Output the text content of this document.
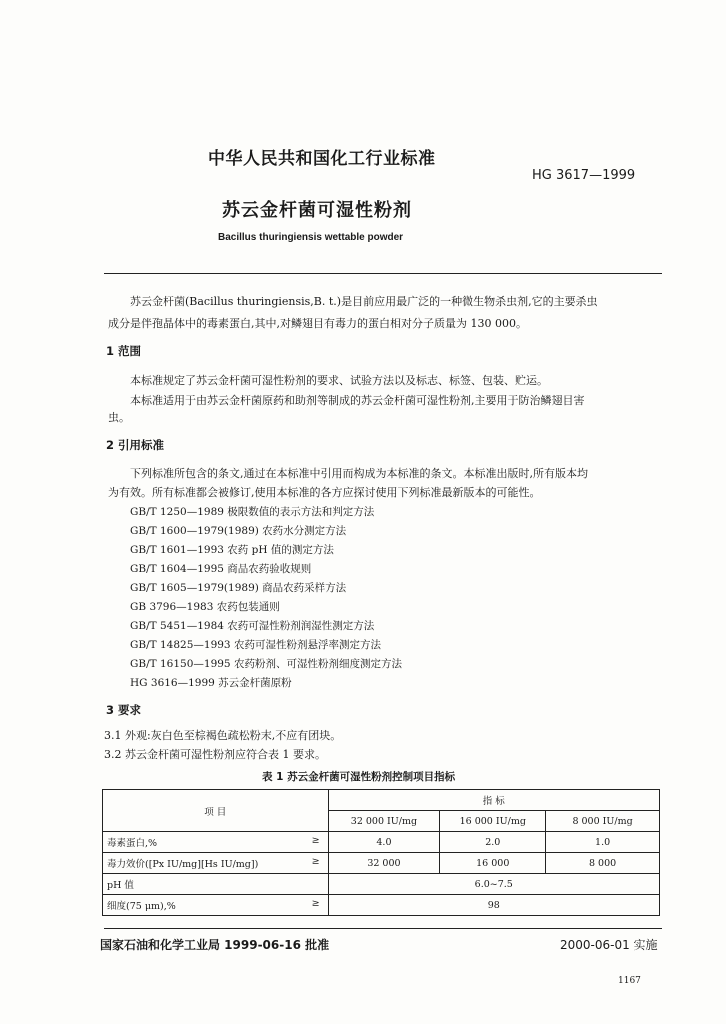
中华人民共和国化工行业标准
HG 3617—1999
苏云金杆菌可湿性粉剂
Bacillus thuringiensis wettable powder
苏云金杆菌(Bacillus thuringiensis,B. t.)是目前应用最广泛的一种微生物杀虫剂,它的主要杀虫
成分是伴孢晶体中的毒素蛋白,其中,对鳞翅目有毒力的蛋白相对分子质量为 130 000。
1 范围
本标准规定了苏云金杆菌可湿性粉剂的要求、试验方法以及标志、标签、包装、贮运。
本标准适用于由苏云金杆菌原药和助剂等制成的苏云金杆菌可湿性粉剂,主要用于防治鳞翅目害
虫。
2 引用标准
下列标准所包含的条文,通过在本标准中引用而构成为本标准的条文。本标准出版时,所有版本均
为有效。所有标准都会被修订,使用本标准的各方应探讨使用下列标准最新版本的可能性。
GB/T 1250—1989 极限数值的表示方法和判定方法
GB/T 1600—1979(1989) 农药水分测定方法
GB/T 1601—1993 农药 pH 值的测定方法
GB/T 1604—1995 商品农药验收规则
GB/T 1605—1979(1989) 商品农药采样方法
GB 3796—1983 农药包装通则
GB/T 5451—1984 农药可湿性粉剂润湿性测定方法
GB/T 14825—1993 农药可湿性粉剂悬浮率测定方法
GB/T 16150—1995 农药粉剂、可湿性粉剂细度测定方法
HG 3616—1999 苏云金杆菌原粉
3 要求
3.1 外观:灰白色至棕褐色疏松粉末,不应有团块。
3.2 苏云金杆菌可湿性粉剂应符合表 1 要求。
表 1 苏云金杆菌可湿性粉剂控制项目指标
项 目	指 标		
	32 000 IU/mg	16 000 IU/mg	8 000 IU/mg
毒素蛋白,% ≥	4.0	2.0	1.0
毒力效价([Px IU/mg][Hs IU/mg]) ≥	32 000	16 000	8 000
pH 值	6.0~7.5		
细度(75 μm),% ≥	98		
国家石油和化学工业局 1999-06-16 批准	2000-06-01 实施
1167
